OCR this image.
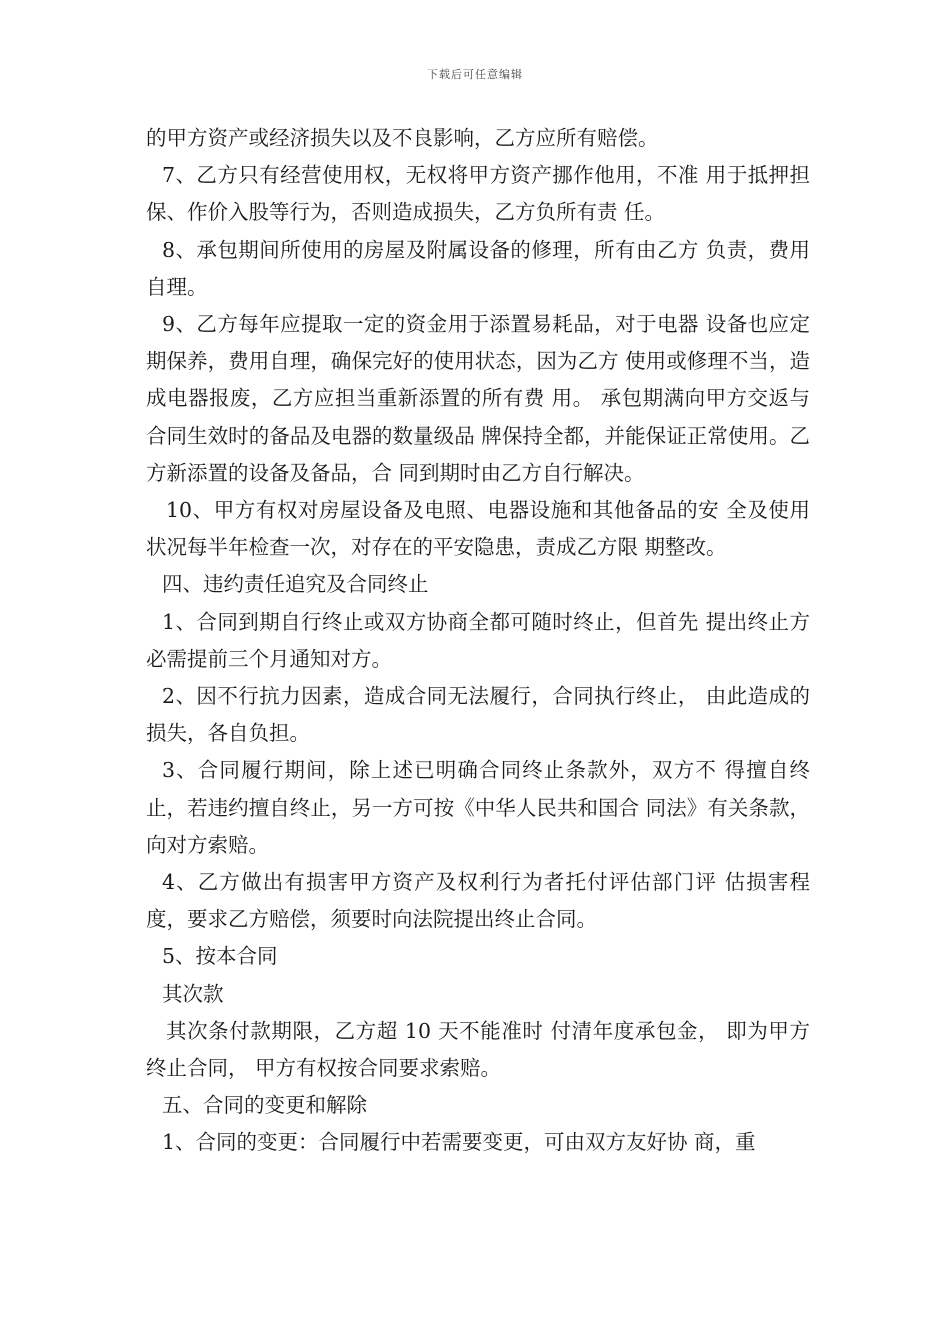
下载后可任意编辑

的甲方资产或经济损失以及不良影响，乙方应所有赔偿。

7、乙方只有经营使用权，无权将甲方资产挪作他用，不准 用于抵押担保、作价入股等行为，否则造成损失，乙方负所有责 任。

8、承包期间所使用的房屋及附属设备的修理，所有由乙方 负责，费用自理。

9、乙方每年应提取一定的资金用于添置易耗品，对于电器 设备也应定期保养，费用自理，确保完好的使用状态，因为乙方 使用或修理不当，造成电器报废，乙方应担当重新添置的所有费 用。 承包期满向甲方交返与合同生效时的备品及电器的数量级品 牌保持全都，并能保证正常使用。乙方新添置的设备及备品，合 同到期时由乙方自行解决。

10、甲方有权对房屋设备及电照、电器设施和其他备品的安 全及使用状况每半年检查一次，对存在的平安隐患，责成乙方限 期整改。

四、违约责任追究及合同终止

1、合同到期自行终止或双方协商全都可随时终止，但首先 提出终止方必需提前三个月通知对方。

2、因不行抗力因素，造成合同无法履行，合同执行终止， 由此造成的损失，各自负担。

3、合同履行期间，除上述已明确合同终止条款外，双方不 得擅自终止，若违约擅自终止，另一方可按《中华人民共和国合 同法》有关条款，向对方索赔。

4、乙方做出有损害甲方资产及权利行为者托付评估部门评 估损害程度，要求乙方赔偿，须要时向法院提出终止合同。

5、按本合同

其次款

其次条付款期限，乙方超 10 天不能准时 付清年度承包金， 即为甲方终止合同， 甲方有权按合同要求索赔。

五、合同的变更和解除

1、合同的变更：合同履行中若需要变更，可由双方友好协 商，重
